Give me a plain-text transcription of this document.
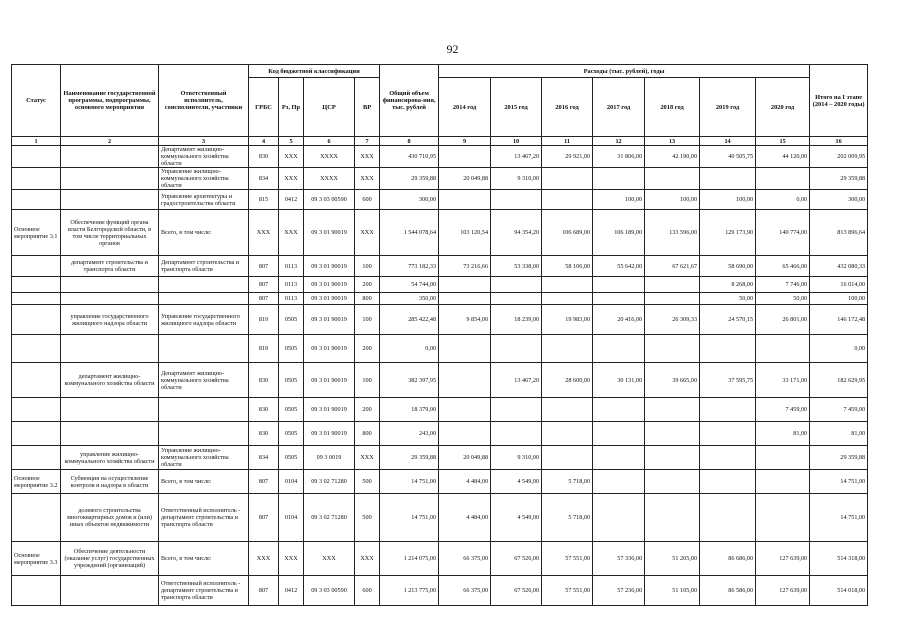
92
Статус	Наименование государственной программы, подпрограммы, основного мероприятия	Ответственный исполнитель, соисполнители, участники	Код бюджетной классификации				Общий объем финансирова-ния, тыс. рублей	Расходы (тыс. рублей), годы							Итого на I этапе (2014 – 2020 годы)
			ГРБС	Рз, Пр	ЦСР	ВР		2014 год	2015 год	2016 год	2017 год	2018 год	2019 год	2020 год	
1	2	3	4	5	6	7	8	9	10	11	12	13	14	15	16
		Департамент жилищно-коммунального хозяйства области	830	XXX	XXXX	XXX	430 710,95		13 467,20	29 921,00	31 806,00	42 190,00	40 505,75	44 120,00	202 009,95
		Управление жилищно-коммунального хозяйства области	834	XXX	XXXX	XXX	29 359,88	20 049,88	9 310,00						29 359,88
		Управление архитектуры и градостроительства области	815	0412	09 3 03 00590	600	300,00				100,00	100,00	100,00	0,00	300,00
Основное мероприятие 3.1	Обеспечение функций органа власти Белгородской области, в том числе территориальных органов	Всего, в том числе:	XXX	XXX	09 3 01 90019	XXX	1 544 078,64	103 120,54	94 354,20	106 689,00	106 189,00	133 596,00	129 173,90	140 774,00	813 896,64
	департамент строительства и транспорта области	Департамент строительства и транспорта области	807	0113	09 3 01 90019	100	773 182,33	73 216,66	53 338,00	58 106,00	55 642,00	67 621,67	58 690,00	65 466,00	432 080,33
			807	0113	09 3 01 90019	200	54 744,00						8 268,00	7 746,00	16 014,00
			807	0113	09 3 01 90019	800	350,00						50,00	50,00	100,00
	управление государственного жилищного надзора области	Управление государственного жилищного надзора области	819	0505	09 3 01 90019	100	285 422,48	9 854,00	18 239,00	19 983,00	20 416,00	26 309,33	24 570,15	26 801,00	146 172,48
			819	0505	09 3 01 90019	200	0,00								0,00
	департамент жилищно-коммунального хозяйства области	Департамент жилищно-коммунального хозяйства области	830	0505	09 3 01 90019	100	382 397,95		13 467,20	28 600,00	30 131,00	39 665,00	37 595,75	33 171,00	182 629,95
			830	0505	09 3 01 90019	200	18 379,00							7 459,00	7 459,00
			830	0505	09 3 01 90019	800	243,00							81,00	81,00
	управление жилищно-коммунального хозяйства области	Управление жилищно-коммунального хозяйства области	834	0505	09 3 0019	XXX	29 359,88	20 049,88	9 310,00						29 359,88
Основное мероприятие 3.2	Субвенция на осуществление контроля и надзора в области	Всего, в том числе:	807	0104	09 3 02 71280	500	14 751,00	4 484,00	4 549,00	5 718,00					14 751,00
	долевого строительства многоквартирных домов и (или) иных объектов недвижимости	Ответственный исполнитель - департамент строительства и транспорта области	807	0104	09 3 02 71280	500	14 751,00	4 484,00	4 549,00	5 718,00					14 751,00
Основное мероприятие 3.3	Обеспечение деятельности (оказание услуг) государственных учреждений (организаций)	Всего, в том числе:	XXX	XXX	XXX	XXX	1 214 075,00	66 375,00	67 526,00	57 551,00	57 336,00	51 205,00	86 686,00	127 639,00	514 318,00
		Ответственный исполнитель - департамент строительства и транспорта области	807	0412	09 3 03 00590	600	1 213 775,00	66 375,00	67 526,00	57 551,00	57 236,00	51 105,00	86 586,00	127 639,00	514 018,00
